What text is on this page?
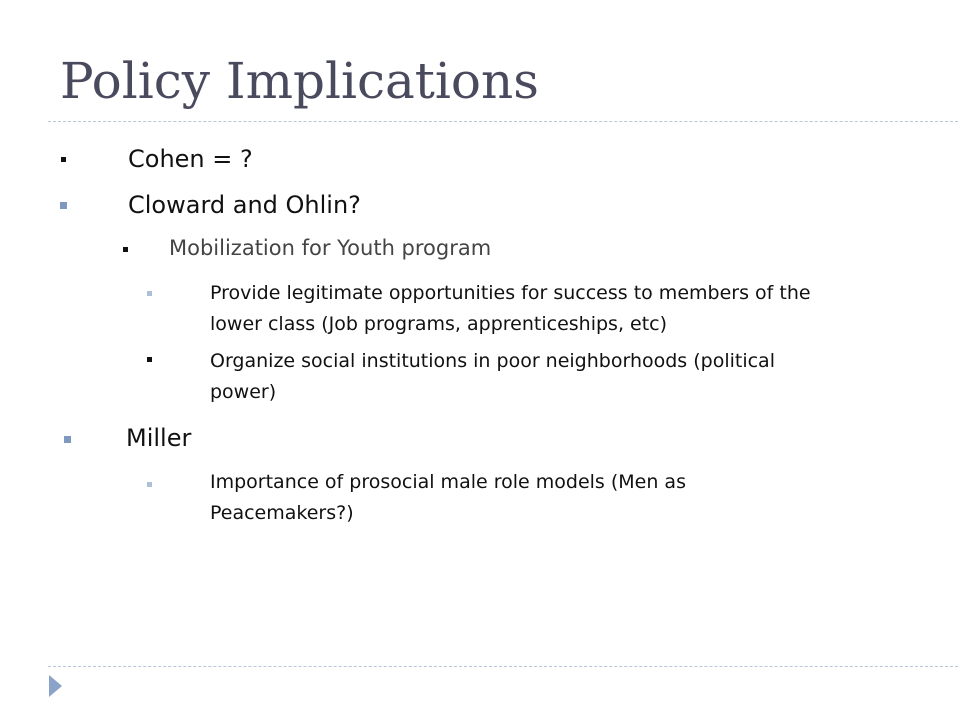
Policy Implications
Cohen = ?
Cloward and Ohlin?
Mobilization for Youth program
Provide legitimate opportunities for success to members of the
lower class (Job programs, apprenticeships, etc)
Organize social institutions in poor neighborhoods (political
power)
Miller
Importance of prosocial male role models (Men as
Peacemakers?)
